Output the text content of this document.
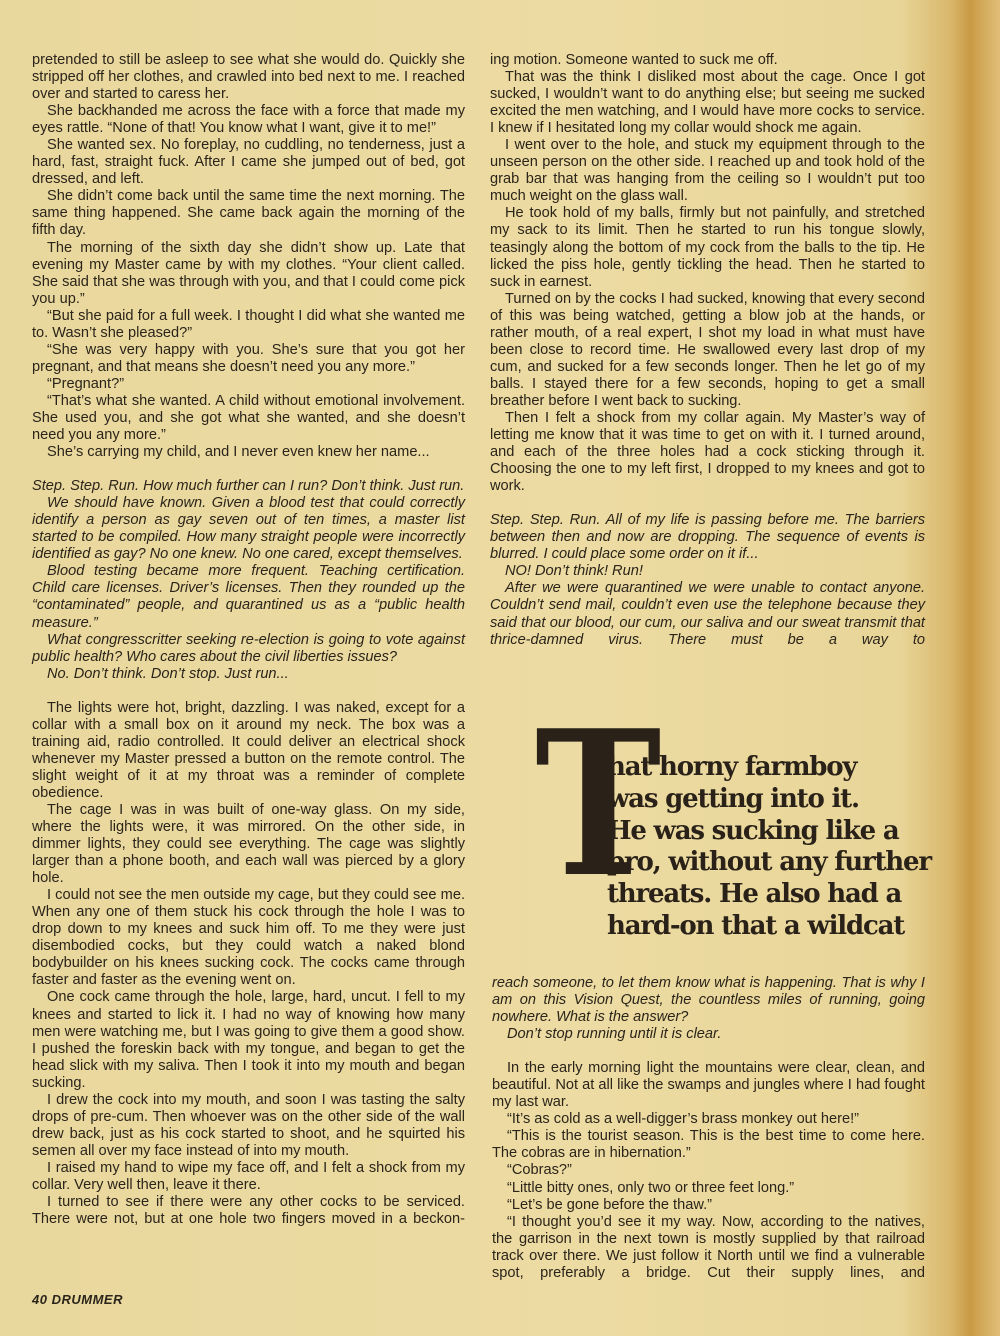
pretended to still be asleep to see what she would do. Quickly she stripped off her clothes, and crawled into bed next to me. I reached over and started to caress her.

She backhanded me across the face with a force that made my eyes rattle. “None of that! You know what I want, give it to me!”

She wanted sex. No foreplay, no cuddling, no tenderness, just a hard, fast, straight fuck. After I came she jumped out of bed, got dressed, and left.

She didn’t come back until the same time the next morning. The same thing happened. She came back again the morning of the fifth day.

The morning of the sixth day she didn’t show up. Late that evening my Master came by with my clothes. “Your client called. She said that she was through with you, and that I could come pick you up.”

“But she paid for a full week. I thought I did what she wanted me to. Wasn’t she pleased?”

“She was very happy with you. She’s sure that you got her pregnant, and that means she doesn’t need you any more.”

“Pregnant?”

“That’s what she wanted. A child without emotional involvement. She used you, and she got what she wanted, and she doesn’t need you any more.”

She’s carrying my child, and I never even knew her name...

Step. Step. Run. How much further can I run? Don’t think. Just run.

We should have known. Given a blood test that could correctly identify a person as gay seven out of ten times, a master list started to be compiled. How many straight people were incorrectly identified as gay? No one knew. No one cared, except themselves.

Blood testing became more frequent. Teaching certification. Child care licenses. Driver’s licenses. Then they rounded up the “contaminated” people, and quarantined us as a “public health measure.”

What congresscritter seeking re-election is going to vote against public health? Who cares about the civil liberties issues?

No. Don’t think. Don’t stop. Just run...

The lights were hot, bright, dazzling. I was naked, except for a collar with a small box on it around my neck. The box was a training aid, radio controlled. It could deliver an electrical shock whenever my Master pressed a button on the remote control. The slight weight of it at my throat was a reminder of complete obedience.

The cage I was in was built of one-way glass. On my side, where the lights were, it was mirrored. On the other side, in dimmer lights, they could see everything. The cage was slightly larger than a phone booth, and each wall was pierced by a glory hole.

I could not see the men outside my cage, but they could see me. When any one of them stuck his cock through the hole I was to drop down to my knees and suck him off. To me they were just disembodied cocks, but they could watch a naked blond bodybuilder on his knees sucking cock. The cocks came through faster and faster as the evening went on.

One cock came through the hole, large, hard, uncut. I fell to my knees and started to lick it. I had no way of knowing how many men were watching me, but I was going to give them a good show. I pushed the foreskin back with my tongue, and began to get the head slick with my saliva. Then I took it into my mouth and began sucking.

I drew the cock into my mouth, and soon I was tasting the salty drops of pre-cum. Then whoever was on the other side of the wall drew back, just as his cock started to shoot, and he squirted his semen all over my face instead of into my mouth.

I raised my hand to wipe my face off, and I felt a shock from my collar. Very well then, leave it there.

I turned to see if there were any other cocks to be serviced. There were not, but at one hole two fingers moved in a beckon-

ing motion. Someone wanted to suck me off.

That was the think I disliked most about the cage. Once I got sucked, I wouldn’t want to do anything else; but seeing me sucked excited the men watching, and I would have more cocks to service. I knew if I hesitated long my collar would shock me again.

I went over to the hole, and stuck my equipment through to the unseen person on the other side. I reached up and took hold of the grab bar that was hanging from the ceiling so I wouldn’t put too much weight on the glass wall.

He took hold of my balls, firmly but not painfully, and stretched my sack to its limit. Then he started to run his tongue slowly, teasingly along the bottom of my cock from the balls to the tip. He licked the piss hole, gently tickling the head. Then he started to suck in earnest.

Turned on by the cocks I had sucked, knowing that every second of this was being watched, getting a blow job at the hands, or rather mouth, of a real expert, I shot my load in what must have been close to record time. He swallowed every last drop of my cum, and sucked for a few seconds longer. Then he let go of my balls. I stayed there for a few seconds, hoping to get a small breather before I went back to sucking.

Then I felt a shock from my collar again. My Master’s way of letting me know that it was time to get on with it. I turned around, and each of the three holes had a cock sticking through it. Choosing the one to my left first, I dropped to my knees and got to work.

Step. Step. Run. All of my life is passing before me. The barriers between then and now are dropping. The sequence of events is blurred. I could place some order on it if...

NO! Don’t think! Run!

After we were quarantined we were unable to contact anyone. Couldn’t send mail, couldn’t even use the telephone because they said that our blood, our cum, our saliva and our sweat transmit that thrice-damned virus. There must be a way to

T
hat horny farmboy
was getting into it.
He was sucking like a
pro, without any further
threats. He also had a
hard-on that a wildcat

reach someone, to let them know what is happening. That is why I am on this Vision Quest, the countless miles of running, going nowhere. What is the answer?

Don’t stop running until it is clear.

In the early morning light the mountains were clear, clean, and beautiful. Not at all like the swamps and jungles where I had fought my last war.

“It’s as cold as a well-digger’s brass monkey out here!”

“This is the tourist season. This is the best time to come here. The cobras are in hibernation.”

“Cobras?”

“Little bitty ones, only two or three feet long.”

“Let’s be gone before the thaw.”

“I thought you’d see it my way. Now, according to the natives, the garrison in the next town is mostly supplied by that railroad track over there. We just follow it North until we find a vulnerable spot, preferably a bridge. Cut their supply lines, and

40 DRUMMER
